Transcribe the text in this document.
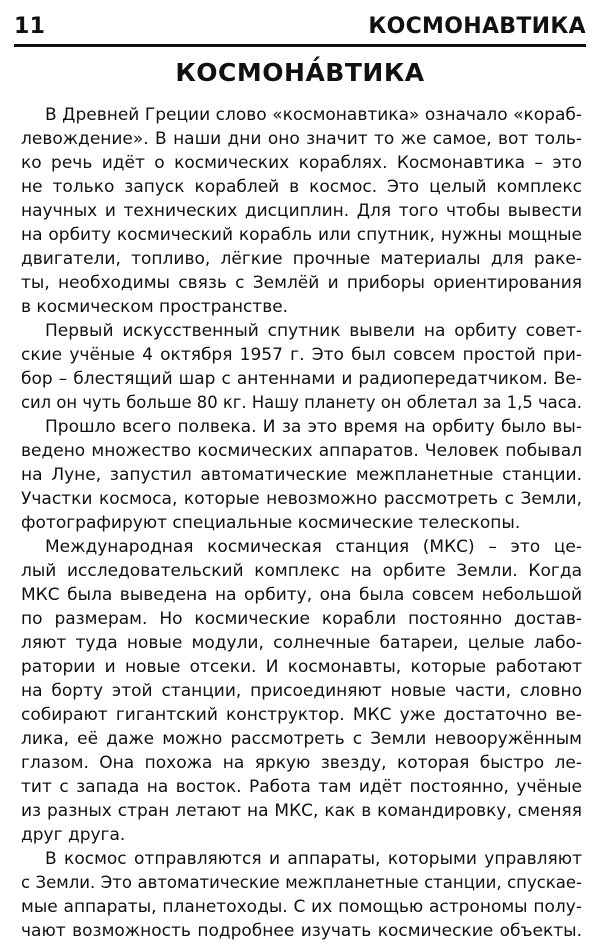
11	КОСМОНАВТИКА
КОСМОНА́ВТИКА

В Древней Греции слово «космонавтика» означало «кораб-
левождение». В наши дни оно значит то же самое, вот толь-
ко речь идёт о космических кораблях. Космонавтика – это
не только запуск кораблей в космос. Это целый комплекс
научных и технических дисциплин. Для того чтобы вывести
на орбиту космический корабль или спутник, нужны мощные
двигатели, топливо, лёгкие прочные материалы для раке-
ты, необходимы связь с Землёй и приборы ориентирования
в космическом пространстве.

Первый искусственный спутник вывели на орбиту совет-
ские учёные 4 октября 1957 г. Это был совсем простой при-
бор – блестящий шар с антеннами и радиопередатчиком. Ве-
сил он чуть больше 80 кг. Нашу планету он облетал за 1,5 часа.

Прошло всего полвека. И за это время на орбиту было вы-
ведено множество космических аппаратов. Человек побывал
на Луне, запустил автоматические межпланетные станции.
Участки космоса, которые невозможно рассмотреть с Земли,
фотографируют специальные космические телескопы.

Международная космическая станция (МКС) – это це-
лый исследовательский комплекс на орбите Земли. Когда
МКС была выведена на орбиту, она была совсем небольшой
по размерам. Но космические корабли постоянно достав-
ляют туда новые модули, солнечные батареи, целые лабо-
ратории и новые отсеки. И космонавты, которые работают
на борту этой станции, присоединяют новые части, словно
собирают гигантский конструктор. МКС уже достаточно ве-
лика, её даже можно рассмотреть с Земли невооружённым
глазом. Она похожа на яркую звезду, которая быстро ле-
тит с запада на восток. Работа там идёт постоянно, учёные
из разных стран летают на МКС, как в командировку, сменяя
друг друга.

В космос отправляются и аппараты, которыми управляют
с Земли. Это автоматические межпланетные станции, спускае-
мые аппараты, планетоходы. С их помощью астрономы полу-
чают возможность подробнее изучать космические объекты.
